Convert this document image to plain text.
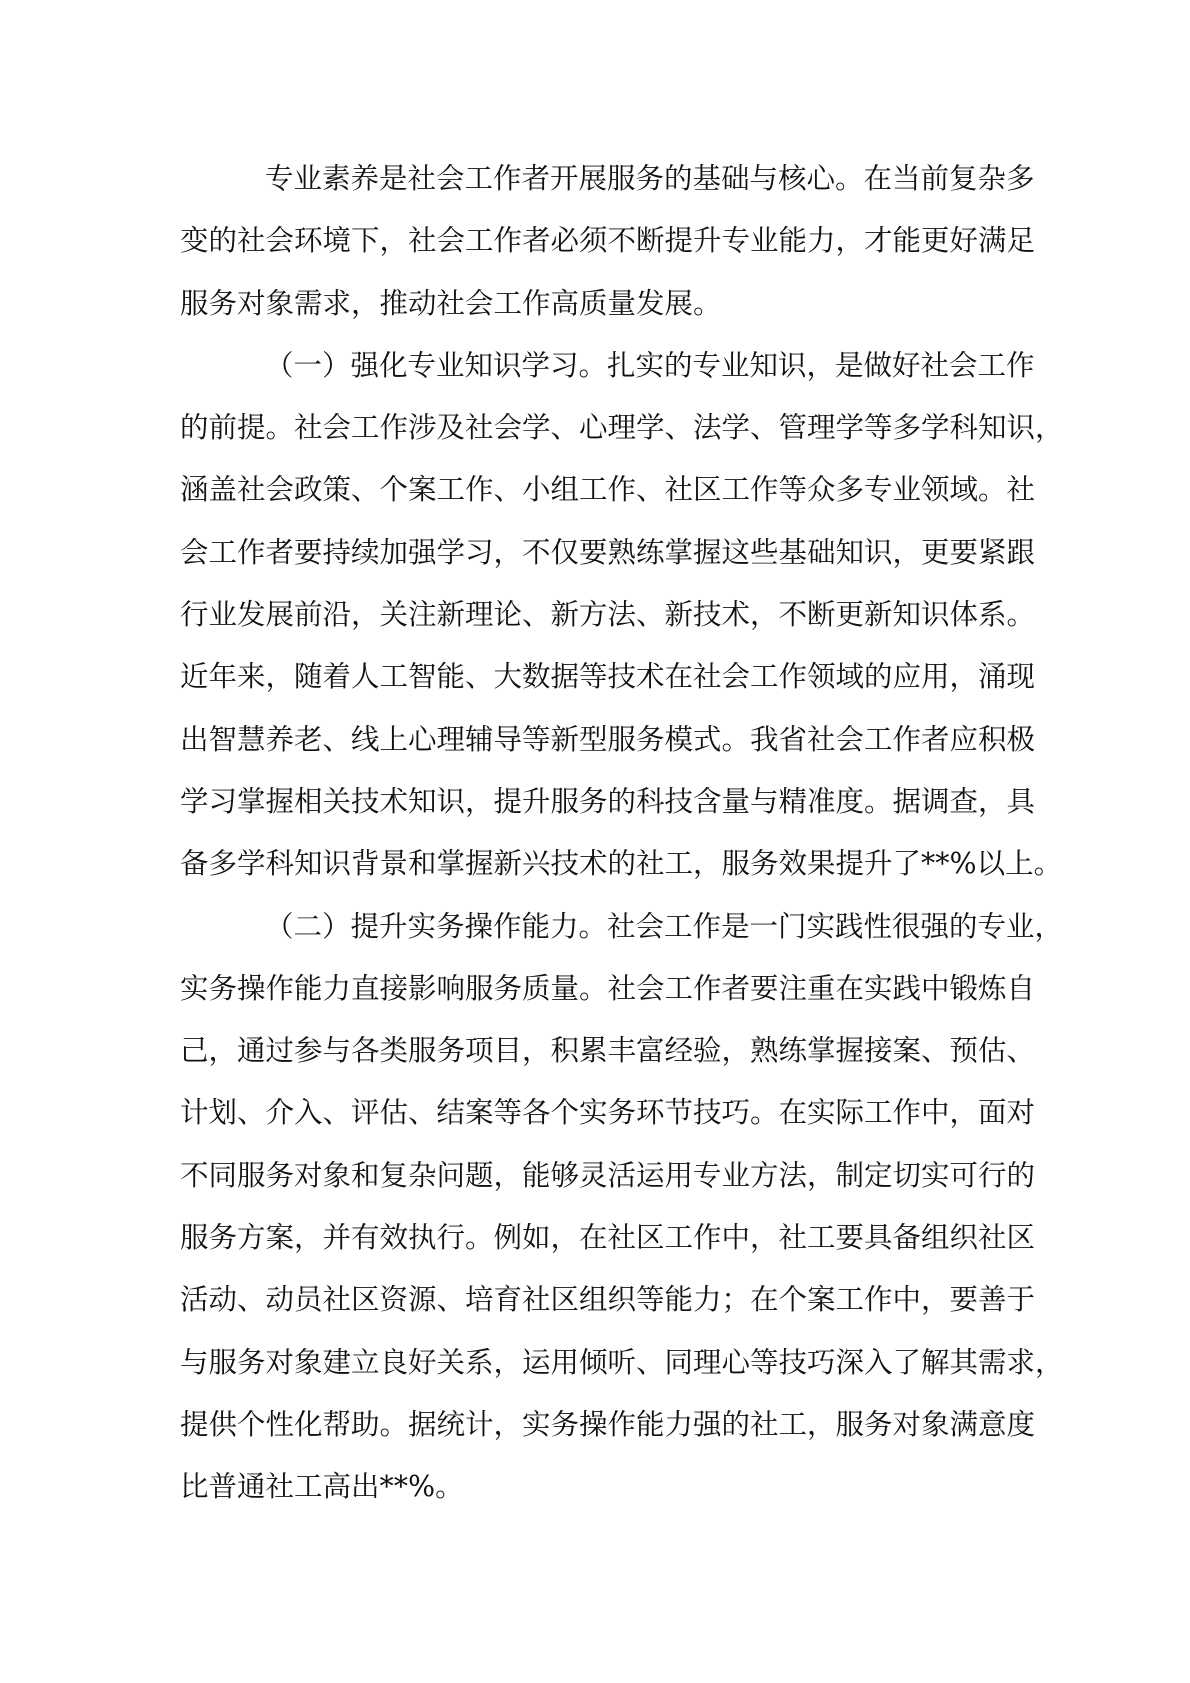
专业素养是社会工作者开展服务的基础与核心。在当前复杂多
变的社会环境下，社会工作者必须不断提升专业能力，才能更好满足
服务对象需求，推动社会工作高质量发展。
（一）强化专业知识学习。扎实的专业知识，是做好社会工作
的前提。社会工作涉及社会学、心理学、法学、管理学等多学科知识，
涵盖社会政策、个案工作、小组工作、社区工作等众多专业领域。社
会工作者要持续加强学习，不仅要熟练掌握这些基础知识，更要紧跟
行业发展前沿，关注新理论、新方法、新技术，不断更新知识体系。
近年来，随着人工智能、大数据等技术在社会工作领域的应用，涌现
出智慧养老、线上心理辅导等新型服务模式。我省社会工作者应积极
学习掌握相关技术知识，提升服务的科技含量与精准度。据调查，具
备多学科知识背景和掌握新兴技术的社工，服务效果提升了**%以上。
（二）提升实务操作能力。社会工作是一门实践性很强的专业，
实务操作能力直接影响服务质量。社会工作者要注重在实践中锻炼自
己，通过参与各类服务项目，积累丰富经验，熟练掌握接案、预估、
计划、介入、评估、结案等各个实务环节技巧。在实际工作中，面对
不同服务对象和复杂问题，能够灵活运用专业方法，制定切实可行的
服务方案，并有效执行。例如，在社区工作中，社工要具备组织社区
活动、动员社区资源、培育社区组织等能力；在个案工作中，要善于
与服务对象建立良好关系，运用倾听、同理心等技巧深入了解其需求，
提供个性化帮助。据统计，实务操作能力强的社工，服务对象满意度
比普通社工高出**%。
